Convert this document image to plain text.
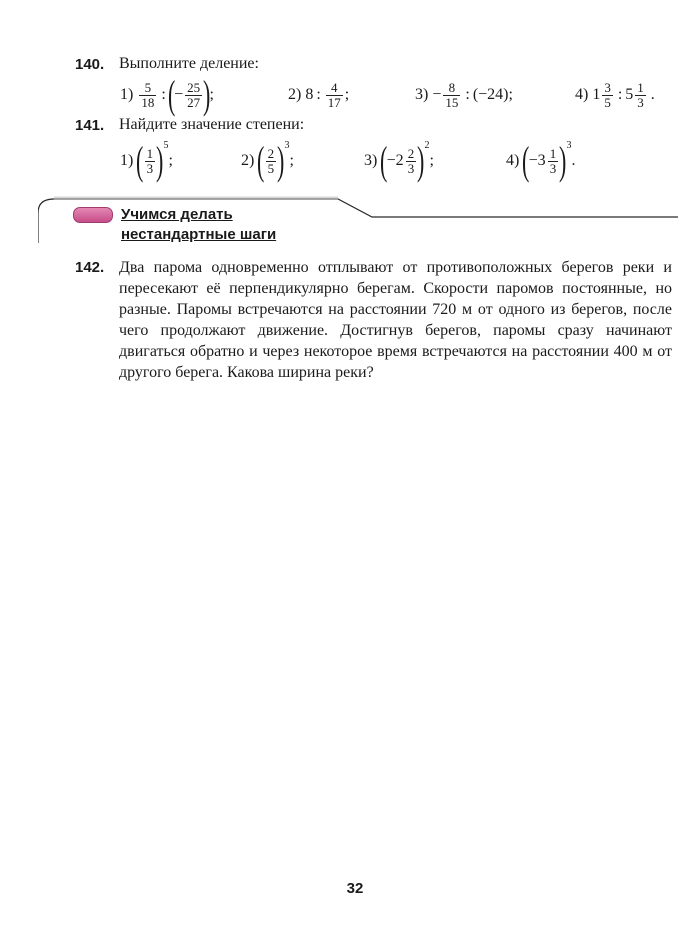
140. Выполните деление:
1)
$\frac{5}{18}$ : (
− $\frac{25}{27}$ )
;	2)
8 : $\frac{4}{17}$ ;	3)
− $\frac{8}{15}$ : (−24);	4)
$1 \frac{3}{5}$ : $5 \frac{1}{3}$ .
141. Найдите значение степени:
1)
( $\frac{1}{3}$ ) 5
;	2)
( $\frac{2}{5}$ ) 3
;	3)
(
$-2 \frac{2}{3}$ ) 2
;	4)
(
$-3 \frac{1}{3}$ ) 3
.
Учимся делать
нестандартные шаги
142. Два парома одновременно отплывают от противоположных берегов реки и пересекают её перпендикулярно берегам. Скорости паромов постоянные, но разные. Паромы встречаются на расстоянии 720 м от одного из берегов, после чего продолжают движение. Достигнув берегов, паромы сразу начинают двигаться обратно и через некоторое время встречаются на расстоянии 400 м от другого берега. Какова ширина реки?
32
